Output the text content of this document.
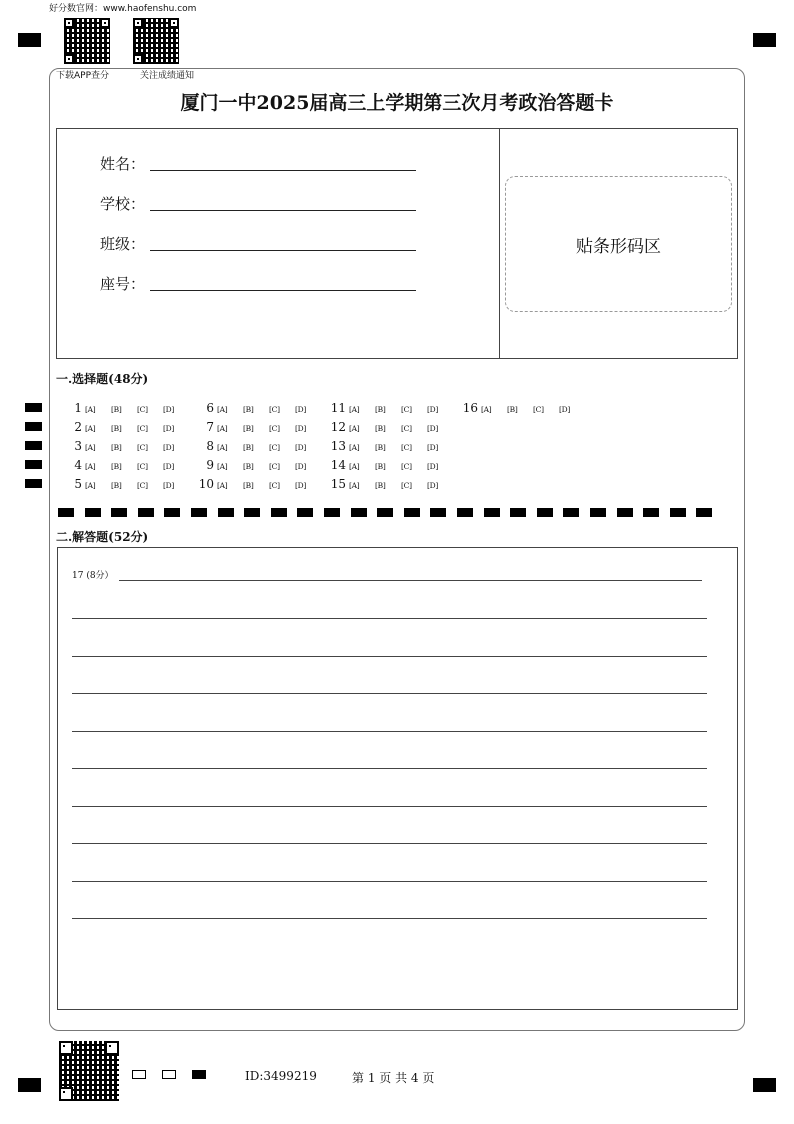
好分数官网：www.haofenshu.com
下载APP查分	关注成绩通知
厦门一中2025届高三上学期第三次月考政治答题卡
姓名：
学校：
班级：
座号：
贴条形码区
一.选择题(48分)
1 [A] [B] [C] [D]
2 [A] [B] [C] [D]
3 [A] [B] [C] [D]
4 [A] [B] [C] [D]
5 [A] [B] [C] [D]
6 [A] [B] [C] [D]
7 [A] [B] [C] [D]
8 [A] [B] [C] [D]
9 [A] [B] [C] [D]
10 [A] [B] [C] [D]
11 [A] [B] [C] [D]
12 [A] [B] [C] [D]
13 [A] [B] [C] [D]
14 [A] [B] [C] [D]
15 [A] [B] [C] [D]
16 [A] [B] [C] [D]
二.解答题(52分)
17 (8分）
ID:3499219	第 1 页 共 4 页
